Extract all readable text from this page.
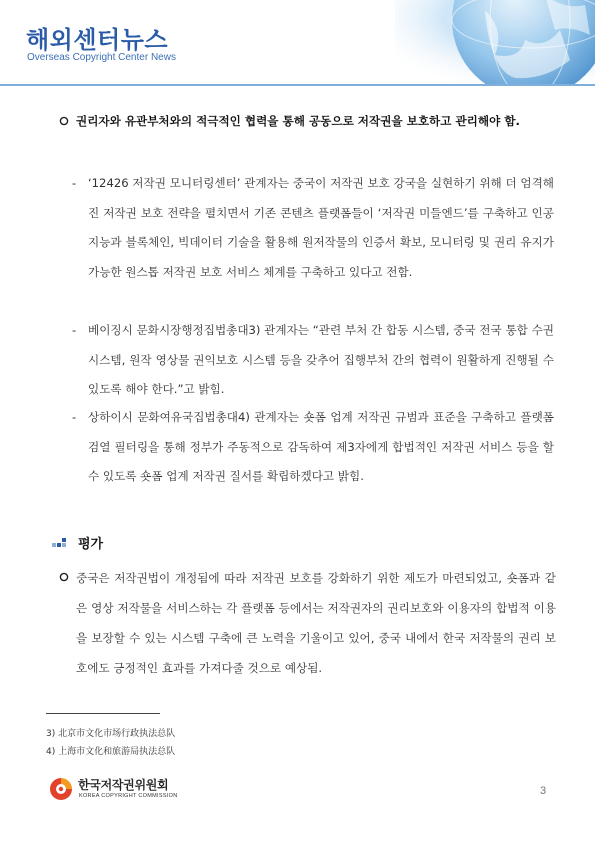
해외센터뉴스
Overseas Copyright Center News
권리자와 유관부처와의 적극적인 협력을 통해 공동으로 저작권을 보호하고 관리해야 함.
-	‘12426 저작권 모니터링센터’ 관계자는 중국이 저작권 보호 강국을 실현하기 위해 더 엄격해진 저작권 보호 전략을 펼치면서 기존 콘텐츠 플랫폼들이 ‘저작권 미들엔드’를 구축하고 인공지능과 블록체인, 빅데이터 기술을 활용해 원저작물의 인증서 확보, 모니터링 및 권리 유지가 가능한 원스톱 저작권 보호 서비스 체계를 구축하고 있다고 전함.
-	베이징시 문화시장행정집법총대3) 관계자는 “관련 부처 간 합동 시스템, 중국 전국 통합 수권 시스템, 원작 영상물 권익보호 시스템 등을 갖추어 집행부처 간의 협력이 원활하게 진행될 수 있도록 해야 한다.”고 밝힘.
-	상하이시 문화여유국집법총대4) 관계자는 숏폼 업계 저작권 규범과 표준을 구축하고 플랫폼 검열 필터링을 통해 정부가 주동적으로 감독하여 제3자에게 합법적인 저작권 서비스 등을 할 수 있도록 숏폼 업계 저작권 질서를 확립하겠다고 밝힘.
평가
중국은 저작권법이 개정됨에 따라 저작권 보호를 강화하기 위한 제도가 마련되었고, 숏폼과 같은 영상 저작물을 서비스하는 각 플랫폼 등에서는 저작권자의 권리보호와 이용자의 합법적 이용을 보장할 수 있는 시스템 구축에 큰 노력을 기울이고 있어, 중국 내에서 한국 저작물의 권리 보호에도 긍정적인 효과를 가져다줄 것으로 예상됨.
3) 北京市文化市场行政执法总队
4) 上海市文化和旅游局执法总队
한국저작권위원회
KOREA COPYRIGHT COMMISSION	3
